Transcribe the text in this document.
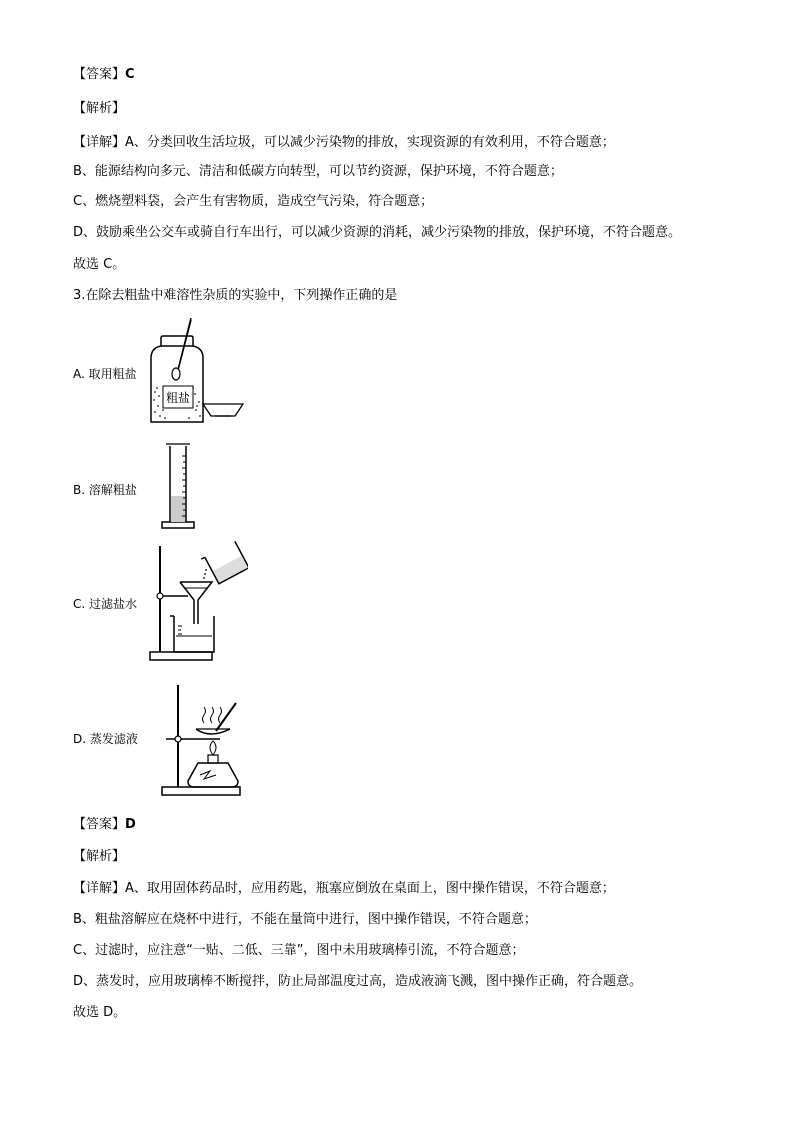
【答案】C
【解析】
【详解】A、分类回收生活垃圾，可以减少污染物的排放，实现资源的有效利用，不符合题意；
B、能源结构向多元、清洁和低碳方向转型，可以节约资源，保护环境，不符合题意；
C、燃烧塑料袋，会产生有害物质，造成空气污染，符合题意；
D、鼓励乘坐公交车或骑自行车出行，可以减少资源的消耗，减少污染物的排放，保护环境，不符合题意。
故选 C。
3.在除去粗盐中难溶性杂质的实验中，下列操作正确的是
A. 取用粗盐
粗盐
B. 溶解粗盐
C. 过滤盐水
D. 蒸发滤液
【答案】D
【解析】
【详解】A、取用固体药品时，应用药匙，瓶塞应倒放在桌面上，图中操作错误，不符合题意；
B、粗盐溶解应在烧杯中进行，不能在量筒中进行，图中操作错误，不符合题意；
C、过滤时，应注意“一贴、二低、三靠”，图中未用玻璃棒引流，不符合题意；
D、蒸发时，应用玻璃棒不断搅拌，防止局部温度过高，造成液滴飞溅，图中操作正确，符合题意。
故选 D。
